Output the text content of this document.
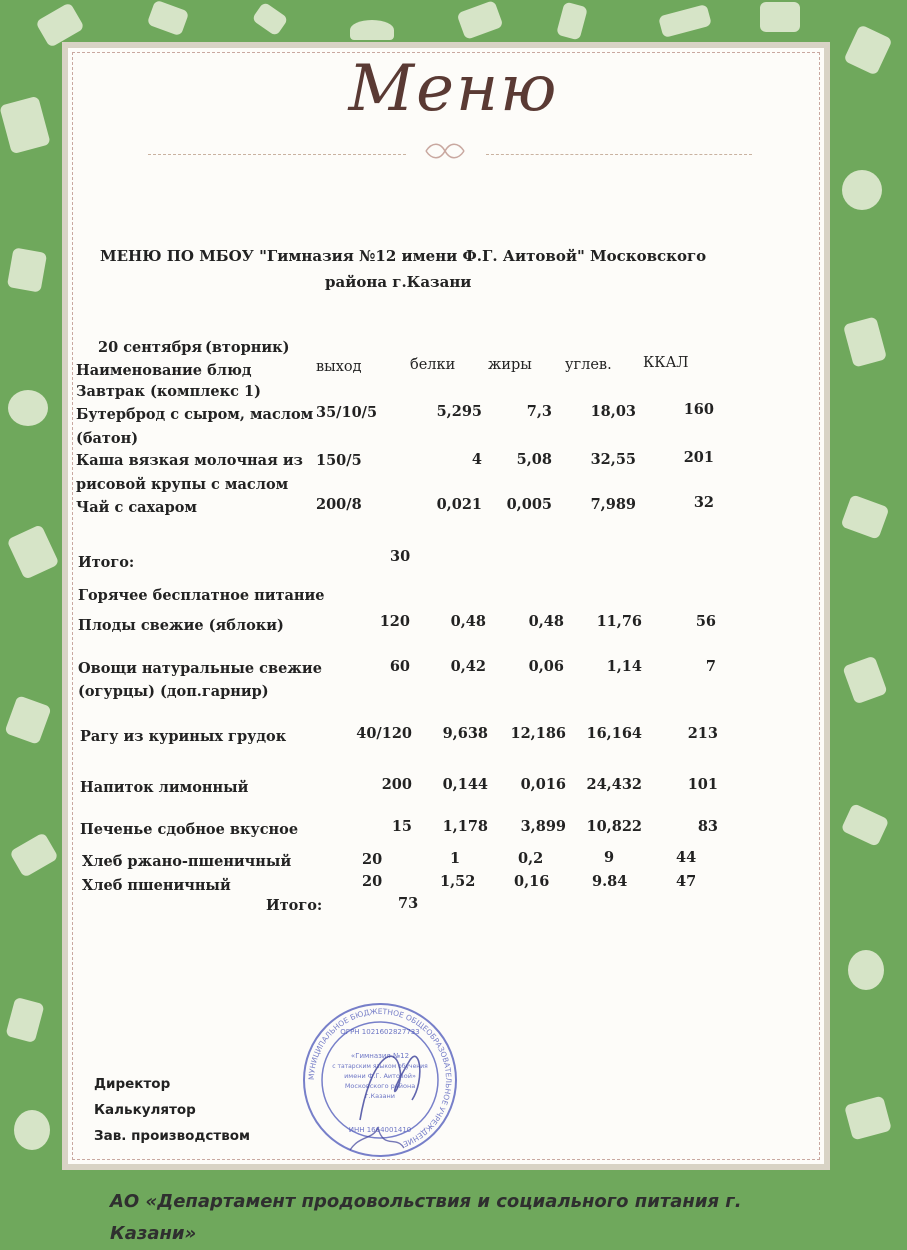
Меню
МЕНЮ ПО МБОУ "Гимназия №12 имени Ф.Г. Аитовой" Московского
района г.Казани
20 сентября (вторник)
Наименование блюд	выход	белки жиры углев. ККАЛ
Завтрак (комплекс 1)
Бутерброд с сыром, маслом
(батон)
35/10/5	5,295	7,3	18,03	160
Каша вязкая молочная из
рисовой крупы с маслом
150/5	4	5,08	32,55	201
Чай с сахаром	200/8	0,021	0,005	7,989	32
Итого:	30
Горячее бесплатное питание
Плоды свежие (яблоки)	120	0,48	0,48	11,76	56
Овощи натуральные свежие
(огурцы) (доп.гарнир)
60	0,42	0,06	1,14	7
Рагу из куриных грудок	40/120	9,638	12,186	16,164	213
Напиток лимонный	200	0,144	0,016	24,432	101
Печенье сдобное вкусное	15	1,178	3,899	10,822	83
Хлеб ржано-пшеничный	20	1	0,2	9	44
Хлеб пшеничный	20	1,52	0,16	9.84	47
Итого:	73
Директор
Калькулятор
Зав. производством
МУНИЦИПАЛЬНОЕ БЮДЖЕТНОЕ ОБЩЕОБРАЗОВАТЕЛЬНОЕ УЧРЕЖДЕНИЕ
ОГРН 1021602827733
«Гимназия №12
с татарским языком обучения
имени Ф.Г. Аитовой»
Московского района
г.Казани
ИНН 1664001410
АО «Департамент продовольствия и социального питания г. Казани»
